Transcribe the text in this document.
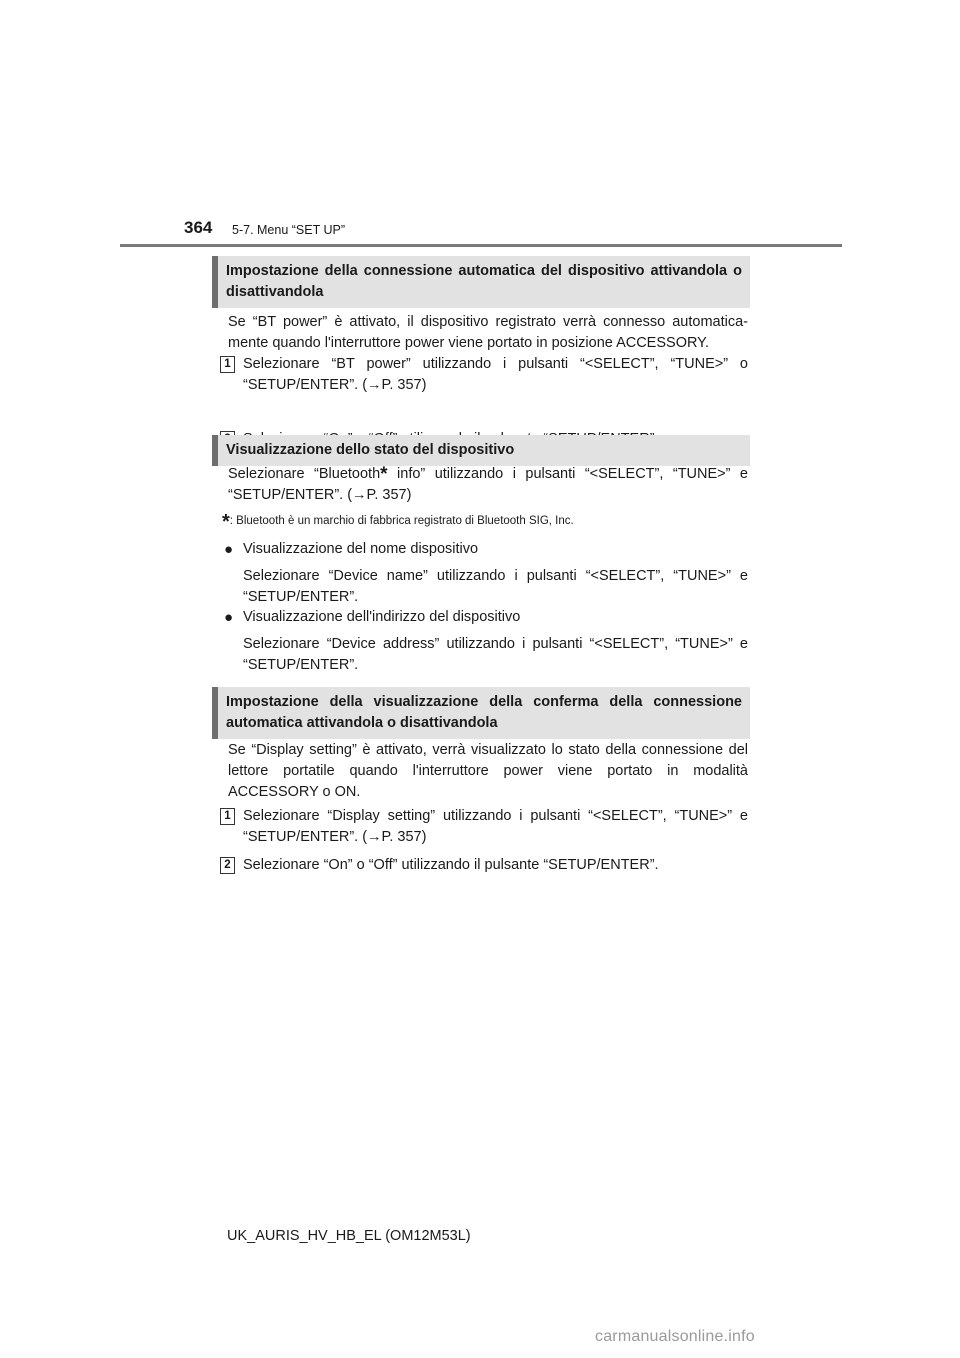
364 5-7. Menu “SET UP”
Impostazione della connessione automatica del dispositivo attivandola o disattivandola
Se “BT power” è attivato, il dispositivo registrato verrà connesso automatica-mente quando l'interruttore power viene portato in posizione ACCESSORY.
1 Selezionare “BT power” utilizzando i pulsanti “<SELECT”, “TUNE>” o “SETUP/ENTER”. (→P. 357)
Visualizzazione dello stato del dispositivo
Selezionare “Bluetooth* info” utilizzando i pulsanti “<SELECT”, “TUNE>” e “SETUP/ENTER”. (→P. 357)
*: Bluetooth è un marchio di fabbrica registrato di Bluetooth SIG, Inc.
● Visualizzazione del nome dispositivo
Selezionare “Device name” utilizzando i pulsanti “<SELECT”, “TUNE>” e “SETUP/ENTER”.
● Visualizzazione dell'indirizzo del dispositivo
Selezionare “Device address” utilizzando i pulsanti “<SELECT”, “TUNE>” e “SETUP/ENTER”.
Impostazione della visualizzazione della conferma della connessione automatica attivandola o disattivandola
Se “Display setting” è attivato, verrà visualizzato lo stato della connessione del lettore portatile quando l'interruttore power viene portato in modalità ACCESSORY o ON.
1 Selezionare “Display setting” utilizzando i pulsanti “<SELECT”, “TUNE>” e “SETUP/ENTER”. (→P. 357)
2 Selezionare “On” o “Off” utilizzando il pulsante “SETUP/ENTER”.
UK_AURIS_HV_HB_EL (OM12M53L)
carmanualsonline.info
